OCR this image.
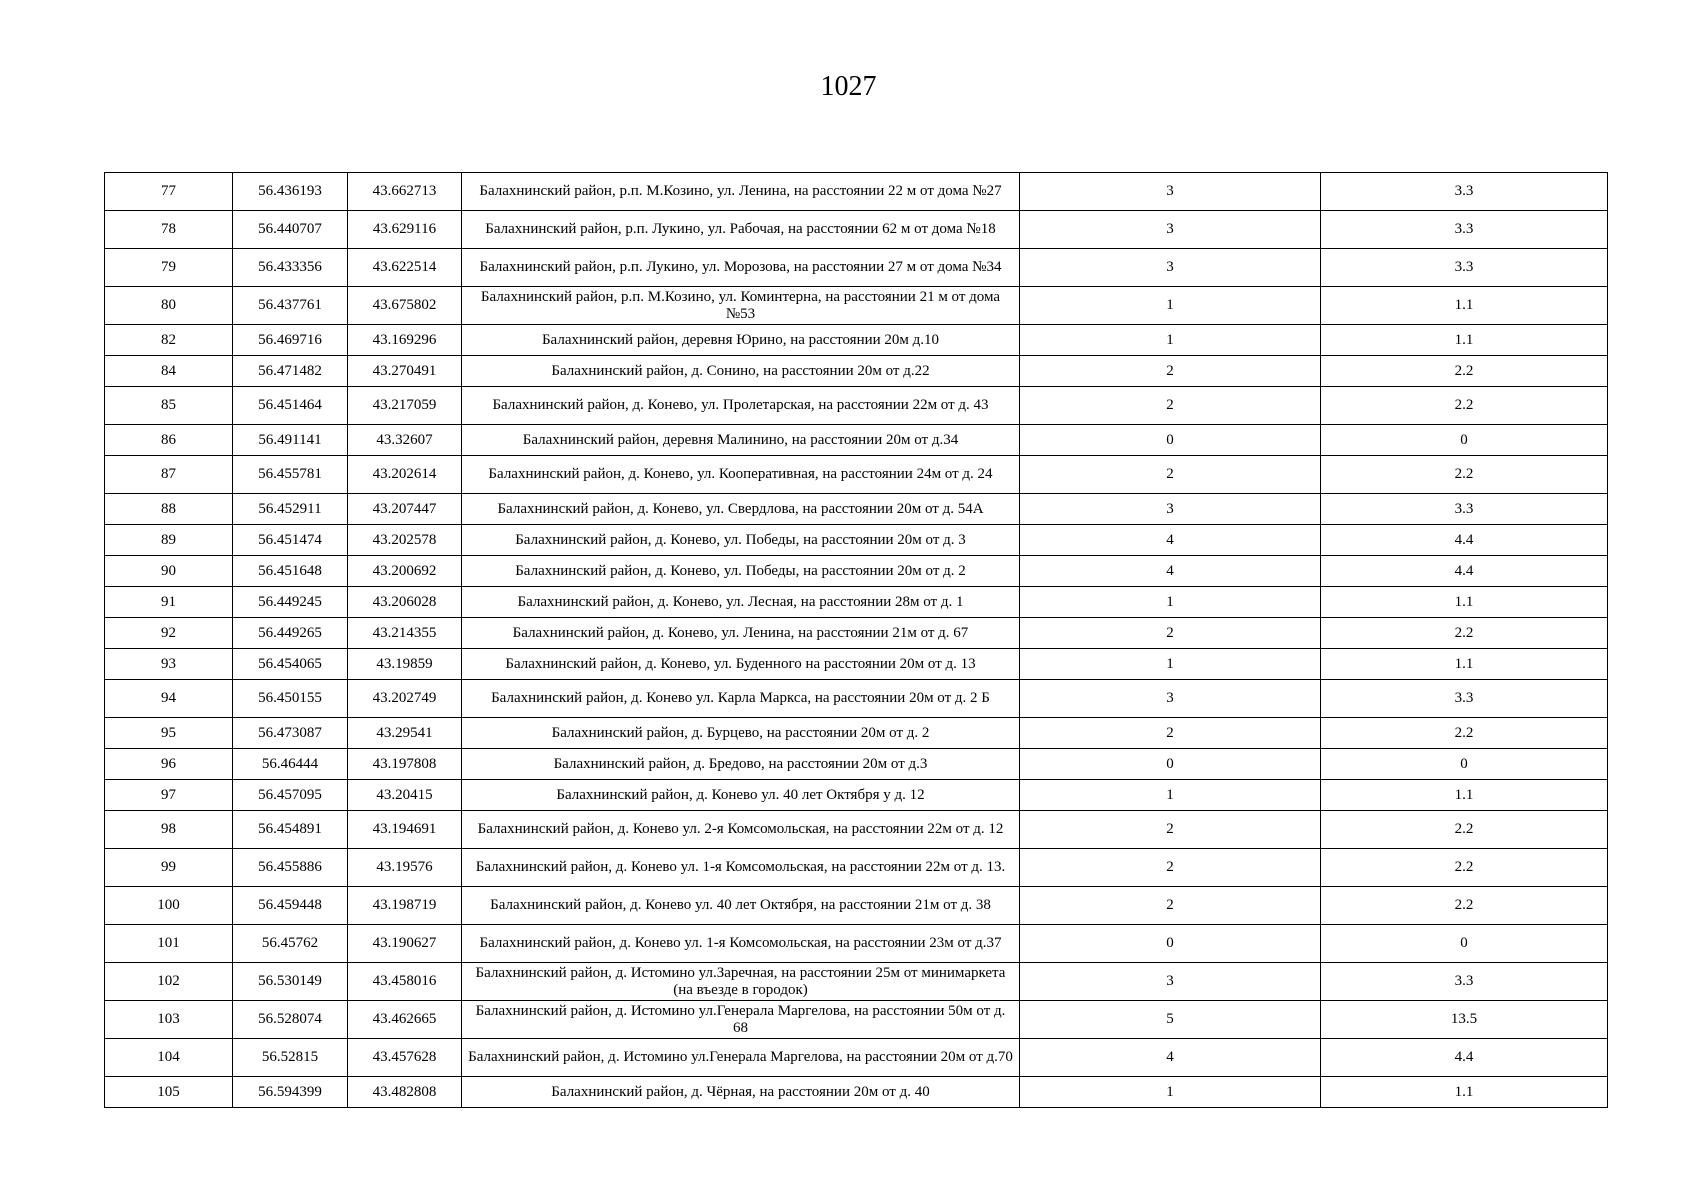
1027
77	56.436193	43.662713	Балахнинский район, р.п. М.Козино, ул. Ленина, на расстоянии 22 м от дома №27	3	3.3
78	56.440707	43.629116	Балахнинский район, р.п. Лукино, ул. Рабочая, на расстоянии 62 м от дома №18	3	3.3
79	56.433356	43.622514	Балахнинский район, р.п. Лукино, ул. Морозова, на расстоянии 27 м от дома №34	3	3.3
80	56.437761	43.675802	Балахнинский район, р.п. М.Козино, ул. Коминтерна, на расстоянии 21 м от дома №53	1	1.1
82	56.469716	43.169296	Балахнинский район, деревня Юрино, на расстоянии 20м д.10	1	1.1
84	56.471482	43.270491	Балахнинский район, д. Сонино, на расстоянии 20м от д.22	2	2.2
85	56.451464	43.217059	Балахнинский район, д. Конево, ул. Пролетарская, на расстоянии 22м от д. 43	2	2.2
86	56.491141	43.32607	Балахнинский район, деревня Малинино, на расстоянии 20м от д.34	0	0
87	56.455781	43.202614	Балахнинский район, д. Конево, ул. Кооперативная, на расстоянии 24м от д. 24	2	2.2
88	56.452911	43.207447	Балахнинский район, д. Конево, ул. Свердлова, на расстоянии 20м от д. 54А	3	3.3
89	56.451474	43.202578	Балахнинский район, д. Конево, ул. Победы, на расстоянии 20м от д. 3	4	4.4
90	56.451648	43.200692	Балахнинский район, д. Конево, ул. Победы, на расстоянии 20м от д. 2	4	4.4
91	56.449245	43.206028	Балахнинский район, д. Конево, ул. Лесная, на расстоянии 28м от д. 1	1	1.1
92	56.449265	43.214355	Балахнинский район, д. Конево, ул. Ленина, на расстоянии 21м от д. 67	2	2.2
93	56.454065	43.19859	Балахнинский район, д. Конево, ул. Буденного на расстоянии 20м от д. 13	1	1.1
94	56.450155	43.202749	Балахнинский район, д. Конево ул. Карла Маркса, на расстоянии 20м от д. 2 Б	3	3.3
95	56.473087	43.29541	Балахнинский район, д. Бурцево, на расстоянии 20м от д. 2	2	2.2
96	56.46444	43.197808	Балахнинский район, д. Бредово, на расстоянии 20м от д.3	0	0
97	56.457095	43.20415	Балахнинский район, д. Конево ул. 40 лет Октября у д. 12	1	1.1
98	56.454891	43.194691	Балахнинский район, д. Конево ул. 2-я Комсомольская, на расстоянии 22м от д. 12	2	2.2
99	56.455886	43.19576	Балахнинский район, д. Конево ул. 1-я Комсомольская, на расстоянии 22м от д. 13.	2	2.2
100	56.459448	43.198719	Балахнинский район, д. Конево ул. 40 лет Октября, на расстоянии 21м от д. 38	2	2.2
101	56.45762	43.190627	Балахнинский район, д. Конево ул. 1-я Комсомольская, на расстоянии 23м от д.37	0	0
102	56.530149	43.458016	Балахнинский район, д. Истомино ул.Заречная, на расстоянии 25м от минимаркета (на въезде в городок)	3	3.3
103	56.528074	43.462665	Балахнинский район, д. Истомино ул.Генерала Маргелова, на расстоянии 50м от д. 68	5	13.5
104	56.52815	43.457628	Балахнинский район, д. Истомино ул.Генерала Маргелова, на расстоянии 20м от д.70	4	4.4
105	56.594399	43.482808	Балахнинский район, д. Чёрная, на расстоянии 20м от д. 40	1	1.1
